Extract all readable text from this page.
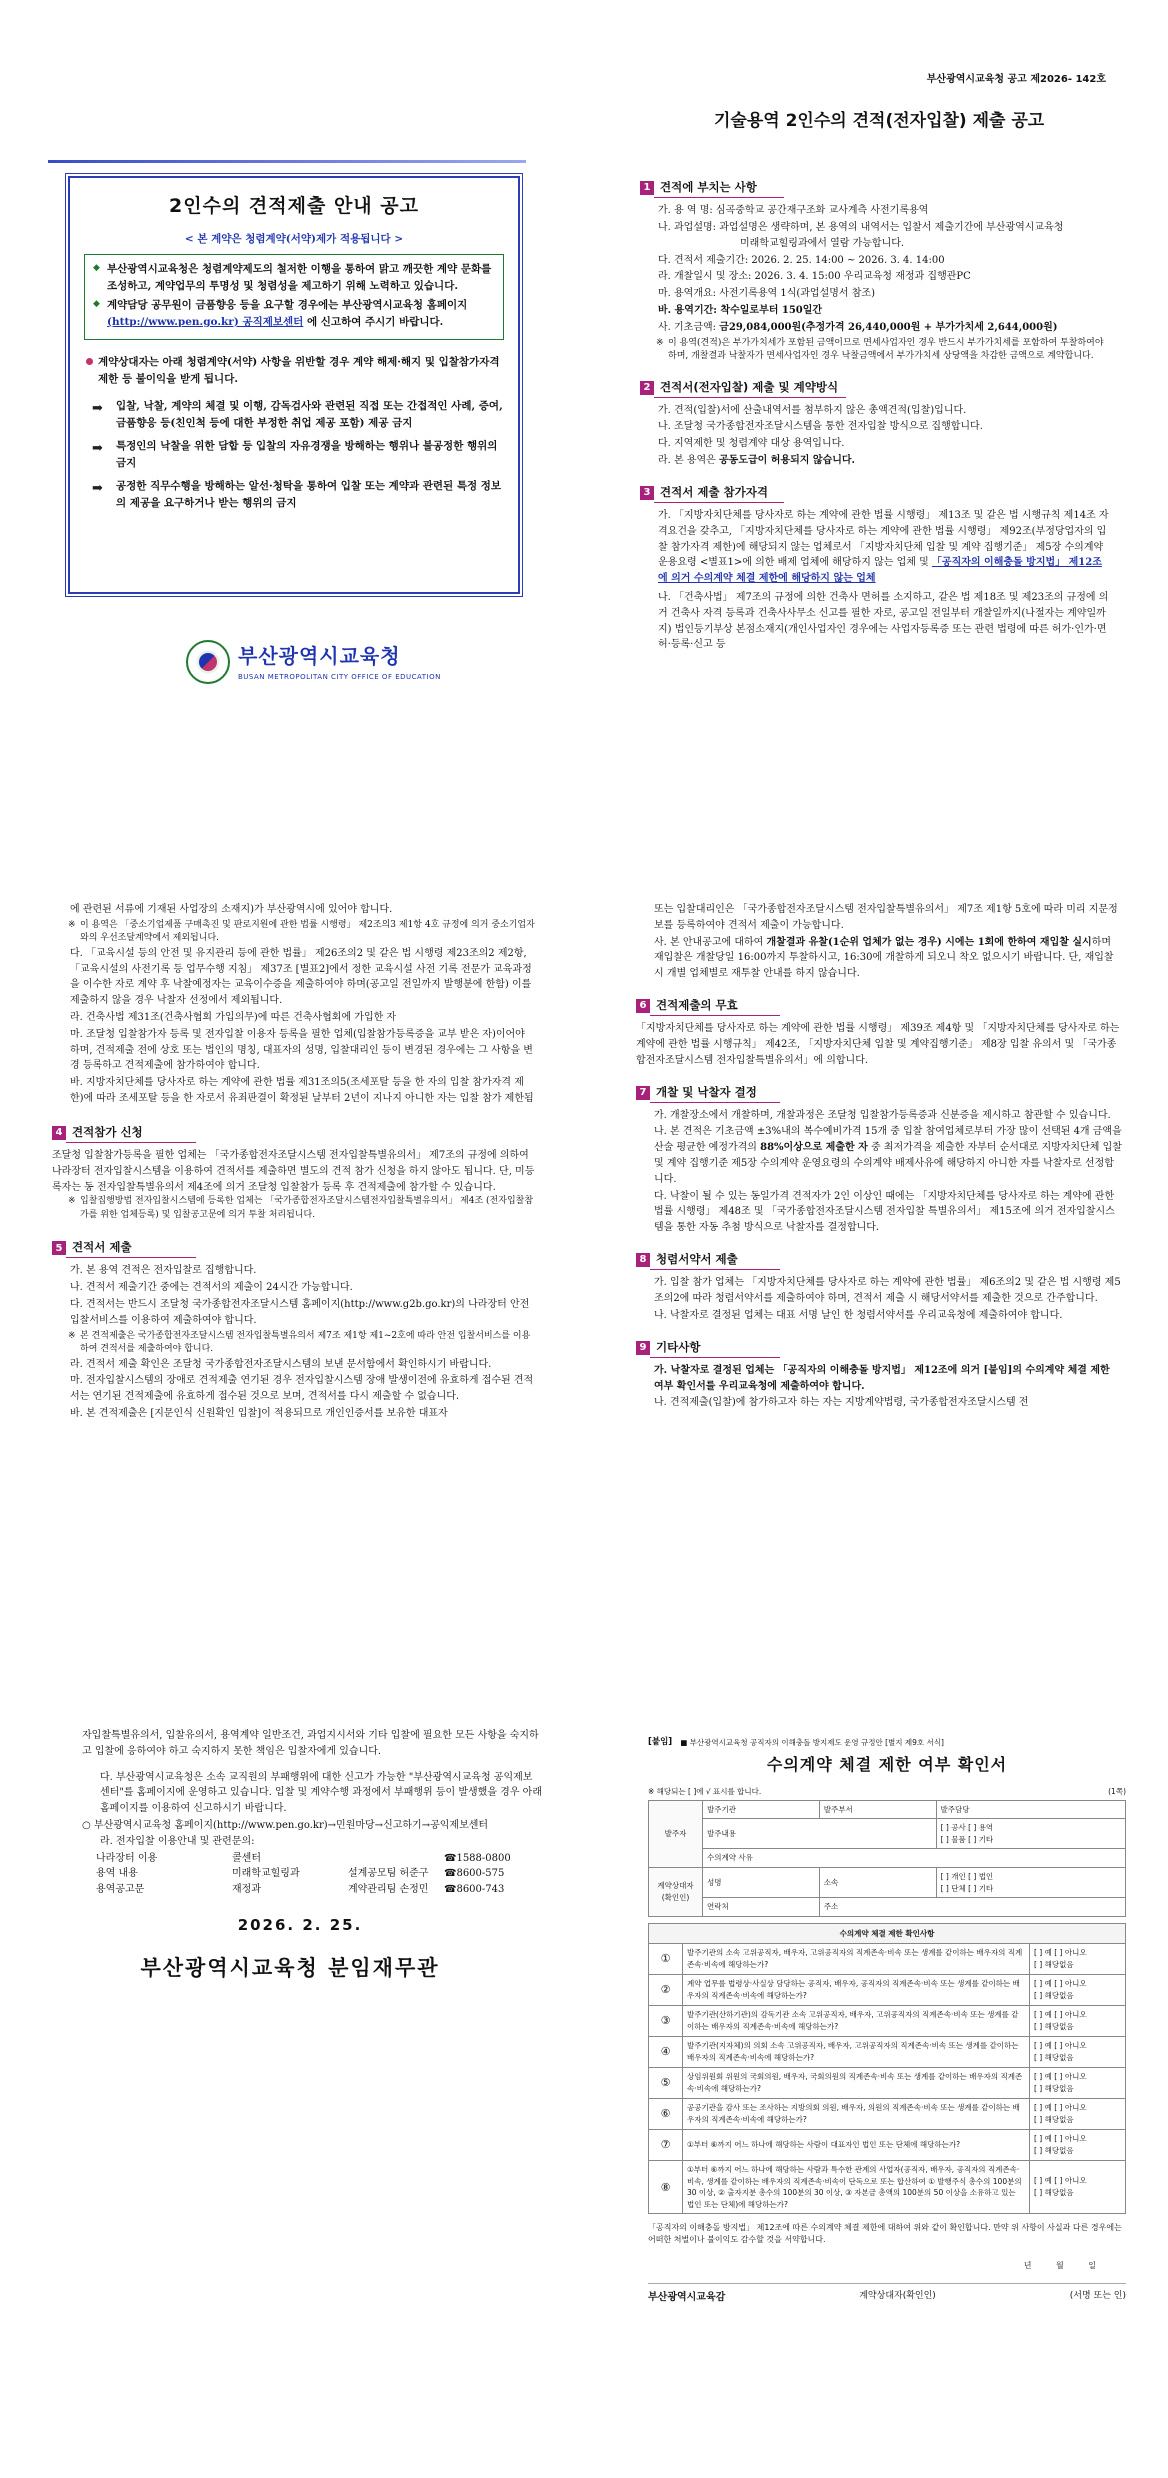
2인수의 견적제출 안내 공고
< 본 계약은 청렴계약(서약)제가 적용됩니다 >
◆ 부산광역시교육청은 청렴계약제도의 철저한 이행을 통하여 맑고 깨끗한 계약 문화를 조성하고, 계약업무의 투명성 및 청렴성을 제고하기 위해 노력하고 있습니다.
◆ 계약담당 공무원이 금품향응 등을 요구할 경우에는 부산광역시교육청 홈페이지
(http://www.pen.go.kr) 공직제보센터 에 신고하여 주시기 바랍니다.
계약상대자는 아래 청렴계약(서약) 사항을 위반할 경우 계약 해제·해지 및 입찰참가자격 제한 등 불이익을 받게 됩니다.
➡ 입찰, 낙찰, 계약의 체결 및 이행, 감독검사와 관련된 직접 또는 간접적인 사례, 증여, 금품향응 등(친인척 등에 대한 부정한 취업 제공 포함) 제공 금지
➡ 특정인의 낙찰을 위한 담합 등 입찰의 자유경쟁을 방해하는 행위나 불공정한 행위의 금지
➡ 공정한 직무수행을 방해하는 알선·청탁을 통하여 입찰 또는 계약과 관련된 특정 정보의 제공을 요구하거나 받는 행위의 금지
부산광역시교육청
BUSAN METROPOLITAN CITY OFFICE OF EDUCATION
부산광역시교육청 공고 제2026- 142호
기술용역 2인수의 견적(전자입찰) 제출 공고
1 견적에 부치는 사항
가. 용 역 명: 심곡중학교 공간재구조화 교사계측 사전기록용역
나. 과업설명: 과업설명은 생략하며, 본 용역의 내역서는 입찰서 제출기간에 부산광역시교육청
미래학교힐링과에서 열람 가능합니다.
다. 견적서 제출기간: 2026. 2. 25. 14:00 ~ 2026. 3. 4. 14:00
라. 개찰일시 및 장소: 2026. 3. 4. 15:00 우리교육청 재정과 집행관PC
마. 용역개요: 사전기록용역 1식(과업설명서 참조)
바. 용역기간: 착수일로부터 150일간
사. 기초금액: 금29,084,000원(추정가격 26,440,000원 + 부가가치세 2,644,000원)
※ 이 용역(견적)은 부가가치세가 포함된 금액이므로 면세사업자인 경우 반드시 부가가치세를 포함하여 투찰하여야 하며, 개찰결과 낙찰자가 면세사업자인 경우 낙찰금액에서 부가가치세 상당액을 차감한 금액으로 계약합니다.
2 견적서(전자입찰) 제출 및 계약방식
가. 견적(입찰)서에 산출내역서를 첨부하지 않은 총액견적(입찰)입니다.
나. 조달청 국가종합전자조달시스템을 통한 전자입찰 방식으로 집행합니다.
다. 지역제한 및 청렴계약 대상 용역입니다.
라. 본 용역은 공동도급이 허용되지 않습니다.
3 견적서 제출 참가자격
가. 「지방자치단체를 당사자로 하는 계약에 관한 법률 시행령」 제13조 및 같은 법 시행규칙 제14조 자격요건을 갖추고, 「지방자치단체를 당사자로 하는 계약에 관한 법률 시행령」 제92조(부정당업자의 입찰 참가자격 제한)에 해당되지 않는 업체로서 「지방자치단체 입찰 및 계약 집행기준」 제5장 수의계약 운용요령 <별표1>에 의한 배제 업체에 해당하지 않는 업체 및 「공직자의 이해충돌 방지법」 제12조에 의거 수의계약 체결 제한에 해당하지 않는 업체
나. 「건축사법」 제7조의 규정에 의한 건축사 면허를 소지하고, 같은 법 제18조 및 제23조의 규정에 의거 건축사 자격 등록과 건축사사무소 신고를 필한 자로, 공고일 전일부터 개찰일까지(나절자는 계약일까지) 법인등기부상 본점소재지(개인사업자인 경우에는 사업자등록증 또는 관련 법령에 따른 허가·인가·면허·등록·신고 등
에 관련된 서류에 기재된 사업장의 소재지)가 부산광역시에 있어야 합니다.
※ 이 용역은 「중소기업제품 구매촉진 및 판로지원에 관한 법률 시행령」 제2조의3 제1항 4호 규정에 의거 중소기업자와의 우선조달계약에서 제외됩니다.
다. 「교육시설 등의 안전 및 유지관리 등에 관한 법률」 제26조의2 및 같은 법 시행령 제23조의2 제2항, 「교육시설의 사전기록 등 업무수행 지침」 제37조 [별표2]에서 정한 교육시설 사전 기록 전문가 교육과정을 이수한 자로 계약 후 낙찰예정자는 교육이수증을 제출하여야 하며(공고일 전일까지 발행분에 한함) 이를 제출하지 않을 경우 낙찰자 선정에서 제외됩니다.
라. 건축사법 제31조(건축사협회 가입의무)에 따른 건축사협회에 가입한 자
마. 조달청 입찰참가자 등록 및 전자입찰 이용자 등록을 필한 업체(입찰참가등록증을 교부 받은 자)이어야 하며, 견적제출 전에 상호 또는 법인의 명칭, 대표자의 성명, 입찰대리인 등이 변경된 경우에는 그 사항을 변경 등록하고 견적제출에 참가하여야 합니다.
바. 지방자치단체를 당사자로 하는 계약에 관한 법률 제31조의5(조세포탈 등을 한 자의 입찰 참가자격 제한)에 따라 조세포탈 등을 한 자로서 유죄판결이 확정된 날부터 2년이 지나지 아니한 자는 입찰 참가 제한됨
4 견적참가 신청
조달청 입찰참가등록을 필한 업체는 「국가종합전자조달시스템 전자입찰특별유의서」 제7조의 규정에 의하여 나라장터 전자입찰시스템을 이용하여 견적서를 제출하면 별도의 견적 참가 신청을 하지 않아도 됩니다. 단, 미등록자는 동 전자입찰특별유의서 제4조에 의거 조달청 입찰참가 등록 후 견적제출에 참가할 수 있습니다.
※ 입찰집행방법 전자입찰시스템에 등록한 업체는 「국가종합전자조달시스템전자입찰특별유의서」 제4조 (전자입찰참가를 위한 업체등록) 및 입찰공고문에 의거 투찰 처리됩니다.
5 견적서 제출
가. 본 용역 견적은 전자입찰로 집행합니다.
나. 견적서 제출기간 중에는 견적서의 제출이 24시간 가능합니다.
다. 견적서는 반드시 조달청 국가종합전자조달시스템 홈페이지(http://www.g2b.go.kr)의 나라장터 안전입찰서비스를 이용하여 제출하여야 합니다.
※ 본 견적제출은 국가종합전자조달시스템 전자입찰특별유의서 제7조 제1항 제1~2호에 따라 안전 입찰서비스를 이용하여 견적서를 제출하여야 합니다.
라. 견적서 제출 확인은 조달청 국가종합전자조달시스템의 보낸 문서함에서 확인하시기 바랍니다.
마. 전자입찰시스템의 장애로 견적제출 연기된 경우 전자입찰시스템 장애 발생이전에 유효하게 접수된 견적서는 연기된 견적제출에 유효하게 접수된 것으로 보며, 견적서를 다시 제출할 수 없습니다.
바. 본 견적제출은 [지문인식 신원확인 입찰]이 적용되므로 개인인증서를 보유한 대표자
또는 입찰대리인은 「국가종합전자조달시스템 전자입찰특별유의서」 제7조 제1항 5호에 따라 미리 지문정보를 등록하여야 견적서 제출이 가능합니다.
사. 본 안내공고에 대하여 개찰결과 유찰(1순위 업체가 없는 경우) 시에는 1회에 한하여 재입찰 실시하며 재입찰은 개찰당일 16:00까지 투찰하시고, 16:30에 개찰하게 되오니 착오 없으시기 바랍니다. 단, 재입찰 시 개별 업체별로 재투찰 안내를 하지 않습니다.
6 견적제출의 무효
「지방자치단체를 당사자로 하는 계약에 관한 법률 시행령」 제39조 제4항 및 「지방자치단체를 당사자로 하는 계약에 관한 법률 시행규칙」 제42조, 「지방자치단체 입찰 및 계약집행기준」 제8장 입찰 유의서 및 「국가종합전자조달시스템 전자입찰특별유의서」에 의합니다.
7 개찰 및 낙찰자 결정
가. 개찰장소에서 개찰하며, 개찰과정은 조달청 입찰참가등록증과 신분증을 제시하고 참관할 수 있습니다.
나. 본 견적은 기초금액 ±3%내의 복수예비가격 15개 중 입찰 참여업체로부터 가장 많이 선택된 4개 금액을 산술 평균한 예정가격의 88%이상으로 제출한 자 중 최저가격을 제출한 자부터 순서대로 지방자치단체 입찰 및 계약 집행기준 제5장 수의계약 운영요령의 수의계약 배제사유에 해당하지 아니한 자를 낙찰자로 선정합니다.
다. 낙찰이 될 수 있는 동일가격 견적자가 2인 이상인 때에는 「지방자치단체를 당사자로 하는 계약에 관한 법률 시행령」 제48조 및 「국가종합전자조달시스템 전자입찰 특별유의서」 제15조에 의거 전자입찰시스템을 통한 자동 추첨 방식으로 낙찰자를 결정합니다.
8 청렴서약서 제출
가. 입찰 참가 업체는 「지방자치단체를 당사자로 하는 계약에 관한 법률」 제6조의2 및 같은 법 시행령 제5조의2에 따라 청렴서약서를 제출하여야 하며, 견적서 제출 시 해당서약서를 제출한 것으로 간주합니다.
나. 낙찰자로 결정된 업체는 대표 서명 날인 한 청렴서약서를 우리교육청에 제출하여야 합니다.
9 기타사항
가. 낙찰자로 결정된 업체는 「공직자의 이해충돌 방지법」 제12조에 의거 [붙임]의 수의계약 체결 제한 여부 확인서를 우리교육청에 제출하여야 합니다.
나. 견적제출(입찰)에 참가하고자 하는 자는 지방계약법령, 국가종합전자조달시스템 전
자입찰특별유의서, 입찰유의서, 용역계약 일반조건, 과업지시서와 기타 입찰에 필요한 모든 사항을 숙지하고 입찰에 응하여야 하고 숙지하지 못한 책임은 입찰자에게 있습니다.
다. 부산광역시교육청은 소속 교직원의 부패행위에 대한 신고가 가능한 "부산광역시교육청 공익제보센터"를 홈페이지에 운영하고 있습니다. 입찰 및 계약수행 과정에서 부패행위 등이 발생했을 경우 아래 홈페이지를 이용하여 신고하시기 바랍니다.
○ 부산광역시교육청 홈페이지(http://www.pen.go.kr)→민원마당→신고하기→공익제보센터
라. 전자입찰 이용안내 및 관련문의:
나라장터 이용	콜센터	☎1588-0800
용역 내용	미래학교힐링과	설계공모팀 허준구	☎8600-575
용역공고문	재정과	계약관리팀 손정민	☎8600-743
2026. 2. 25.
부산광역시교육청 분임재무관
[붙임] ■ 부산광역시교육청 공직자의 이해충돌 방지제도 운영 규정안 [별지 제9호 서식]
수의계약 체결 제한 여부 확인서
※ 해당되는 [ ]에 √ 표시를 합니다.	(1쪽)
발주자	발주기관	발주부서	발주담당
	발주내용		[ ] 공사 [ ] 용역
[ ] 물품 [ ] 기타
	수의계약 사유		
계약상대자 (확인인)	성명	소속	[ ] 개인 [ ] 법인
[ ] 단체 [ ] 기타
	연락처	주소	
수의계약 체결 제한 확인사항		
①	발주기관의 소속 고위공직자, 배우자, 고위공직자의 직계존속·비속 또는 생계를 같이하는 배우자의 직계존속·비속에 해당하는가?	[ ] 예 [ ] 아니오
[ ] 해당없음
②	계약 업무를 법령상·사실상 담당하는 공직자, 배우자, 공직자의 직계존속·비속 또는 생계를 같이하는 배우자의 직계존속·비속에 해당하는가?	[ ] 예 [ ] 아니오
[ ] 해당없음
③	발주기관(산하기관)의 감독기관 소속 고위공직자, 배우자, 고위공직자의 직계존속·비속 또는 생계를 같이하는 배우자의 직계존속·비속에 해당하는가?	[ ] 예 [ ] 아니오
[ ] 해당없음
④	발주기관(지자체)의 의회 소속 고위공직자, 배우자, 고위공직자의 직계존속·비속 또는 생계를 같이하는 배우자의 직계존속·비속에 해당하는가?	[ ] 예 [ ] 아니오
[ ] 해당없음
⑤	상임위원회 위원의 국회의원, 배우자, 국회의원의 직계존속·비속 또는 생계를 같이하는 배우자의 직계존속·비속에 해당하는가?	[ ] 예 [ ] 아니오
[ ] 해당없음
⑥	공공기관을 감사 또는 조사하는 지방의회 의원, 배우자, 의원의 직계존속·비속 또는 생계를 같이하는 배우자의 직계존속·비속에 해당하는가?	[ ] 예 [ ] 아니오
[ ] 해당없음
⑦	①부터 ⑥까지 어느 하나에 해당하는 사람이 대표자인 법인 또는 단체에 해당하는가?	[ ] 예 [ ] 아니오
[ ] 해당없음
⑧	①부터 ⑥까지 어느 하나에 해당하는 사람과 특수한 관계의 사업자(공직자, 배우자, 공직자의 직계존속·비속, 생계를 같이하는 배우자의 직계존속·비속이 단독으로 또는 합산하여 ① 발행주식 총수의 100분의 30 이상, ② 출자지분 총수의 100분의 30 이상, ③ 자본금 총액의 100분의 50 이상을 소유하고 있는 법인 또는 단체)에 해당하는가?	[ ] 예 [ ] 아니오
[ ] 해당없음
「공직자의 이해충돌 방지법」 제12조에 따른 수의계약 체결 제한에 대하여 위와 같이 확인합니다. 만약 위 사항이 사실과 다른 경우에는 어떠한 처벌이나 불이익도 감수할 것을 서약합니다.
년 월 일
부산광역시교육감	계약상대자(확인인)	(서명 또는 인)
